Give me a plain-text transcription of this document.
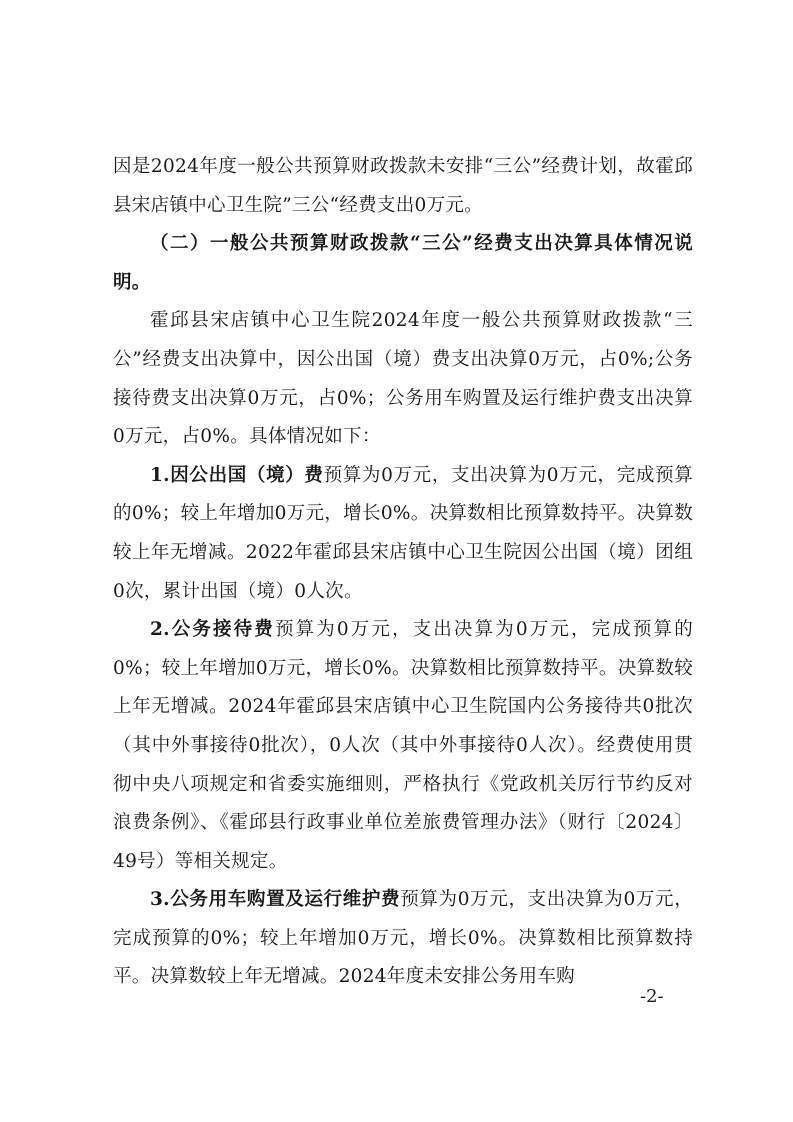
因是2024年度一般公共预算财政拨款未安排“三公”经费计划，故霍邱县宋店镇中心卫生院”三公“经费支出0万元。

（二）一般公共预算财政拨款“三公”经费支出决算具体情况说明。

霍邱县宋店镇中心卫生院2024年度一般公共预算财政拨款“三公”经费支出决算中，因公出国（境）费支出决算0万元，占0%;公务接待费支出决算0万元，占0%；公务用车购置及运行维护费支出决算0万元，占0%。具体情况如下：

1.因公出国（境）费预算为0万元，支出决算为0万元，完成预算的0%；较上年增加0万元，增长0%。决算数相比预算数持平。决算数较上年无增减。2022年霍邱县宋店镇中心卫生院因公出国（境）团组0次，累计出国（境）0人次。

2.公务接待费预算为0万元，支出决算为0万元，完成预算的0%；较上年增加0万元，增长0%。决算数相比预算数持平。决算数较上年无增减。2024年霍邱县宋店镇中心卫生院国内公务接待共0批次（其中外事接待0批次），0人次（其中外事接待0人次）。经费使用贯彻中央八项规定和省委实施细则，严格执行《党政机关厉行节约反对浪费条例》、《霍邱县行政事业单位差旅费管理办法》（财行〔2024〕49号）等相关规定。

3.公务用车购置及运行维护费预算为0万元，支出决算为0万元，完成预算的0%；较上年增加0万元，增长0%。决算数相比预算数持平。决算数较上年无增减。2024年度未安排公务用车购

-2-
